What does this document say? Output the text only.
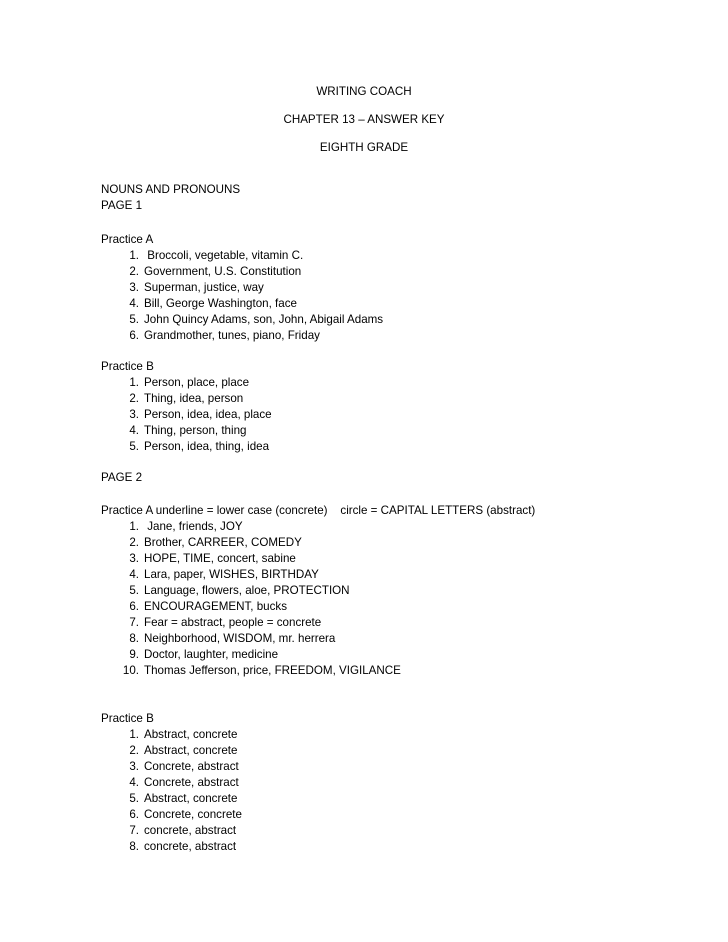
WRITING COACH
CHAPTER 13 – ANSWER KEY
EIGHTH GRADE
NOUNS AND PRONOUNS
PAGE 1
Practice A
1. Broccoli, vegetable, vitamin C.
2. Government, U.S. Constitution
3. Superman, justice, way
4. Bill, George Washington, face
5. John Quincy Adams, son, John, Abigail Adams
6. Grandmother, tunes, piano, Friday
Practice B
1. Person, place, place
2. Thing, idea, person
3. Person, idea, idea, place
4. Thing, person, thing
5. Person, idea, thing, idea
PAGE 2
Practice A underline = lower case (concrete)    circle = CAPITAL LETTERS (abstract)
1. Jane, friends, JOY
2. Brother, CARREER, COMEDY
3. HOPE, TIME, concert, sabine
4. Lara, paper, WISHES, BIRTHDAY
5. Language, flowers, aloe, PROTECTION
6. ENCOURAGEMENT, bucks
7. Fear = abstract, people = concrete
8. Neighborhood, WISDOM, mr. herrera
9. Doctor, laughter, medicine
10. Thomas Jefferson, price, FREEDOM, VIGILANCE
Practice B
1. Abstract, concrete
2. Abstract, concrete
3. Concrete, abstract
4. Concrete, abstract
5. Abstract, concrete
6. Concrete, concrete
7. concrete, abstract
8. concrete, abstract
